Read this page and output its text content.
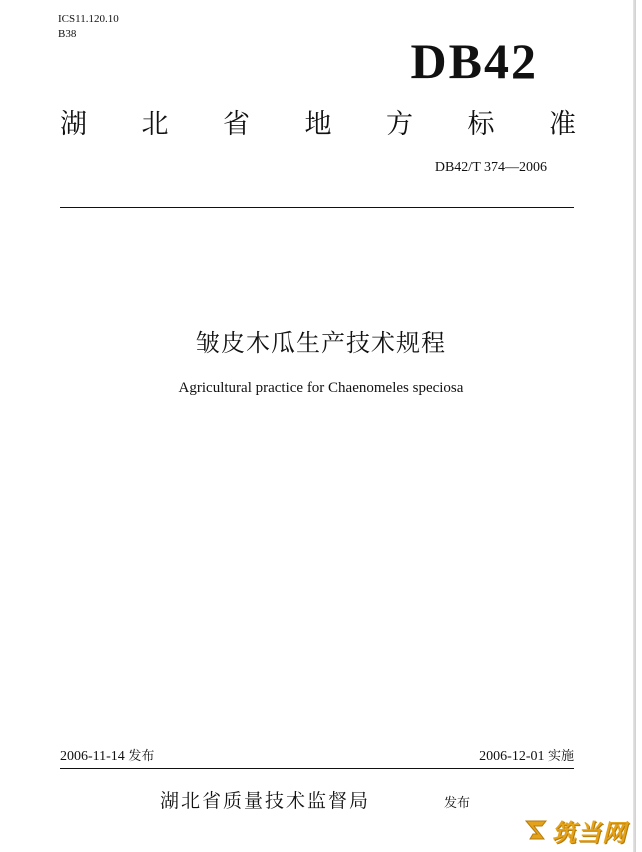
ICS11.120.10
B38	DB42
湖 北 省 地 方 标 准
DB42/T 374—2006
皱皮木瓜生产技术规程
Agricultural practice for Chaenomeles speciosa
2006-11-14 发布	2006-12-01 实施
湖北省质量技术监督局	发布
筑当网
